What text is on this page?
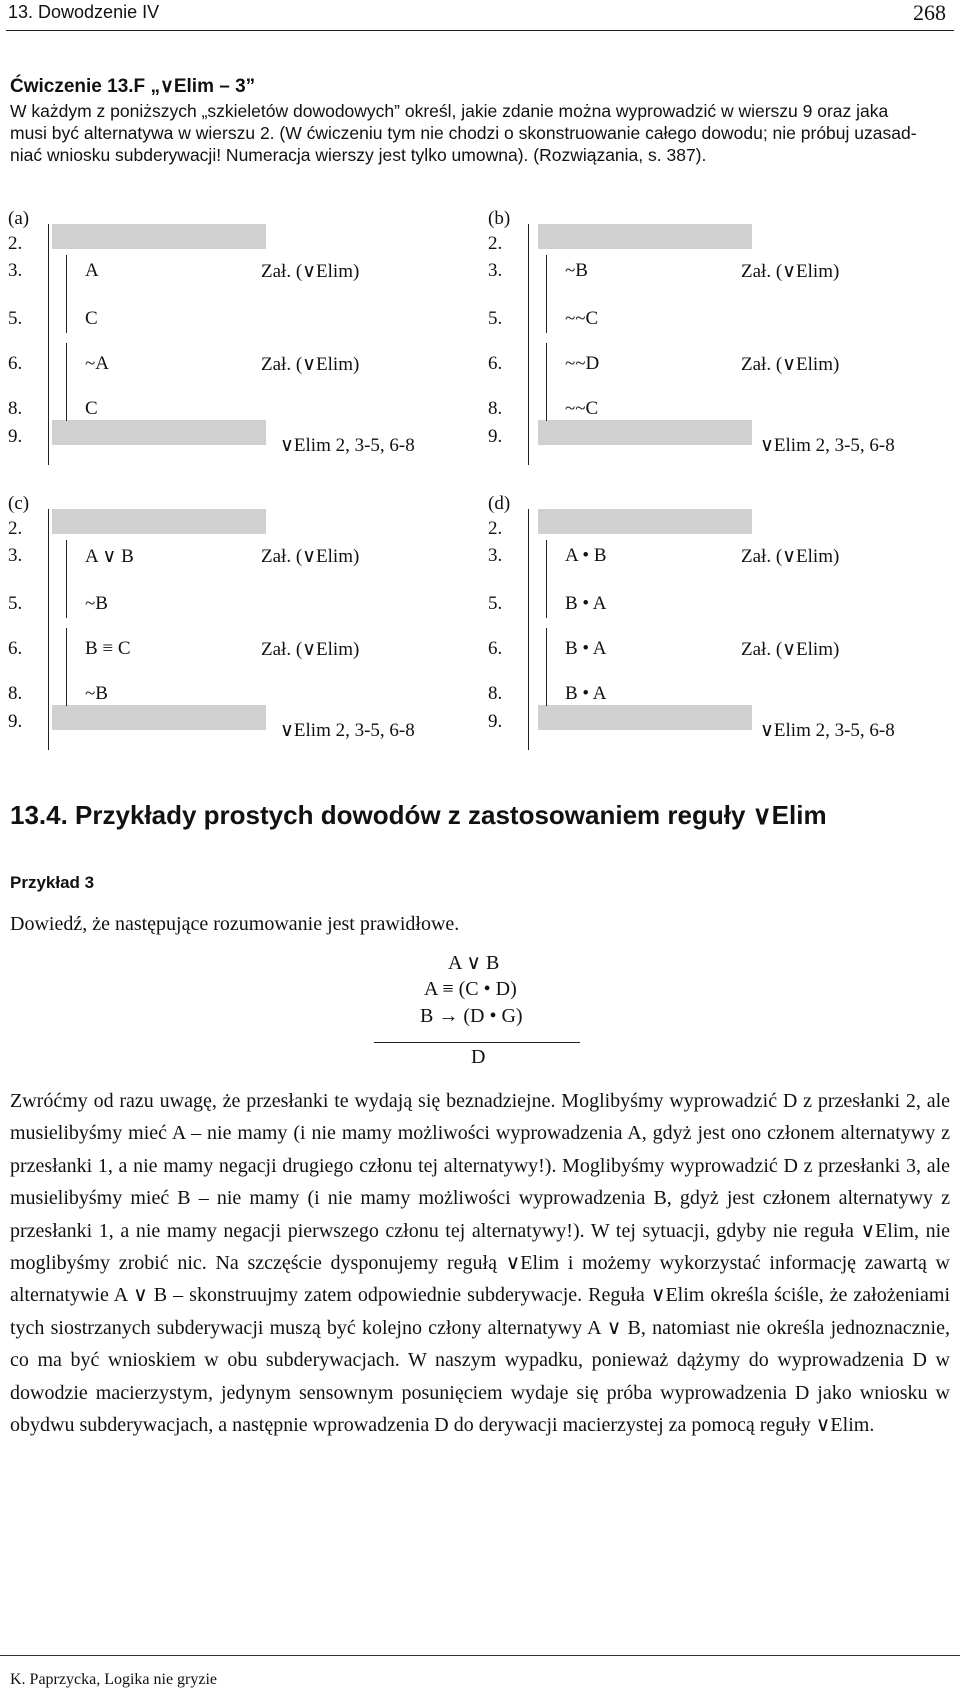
13. Dowodzenie IV	268
Ćwiczenie 13.F „∨Elim – 3”
W każdym z poniższych „szkieletów dowodowych” określ, jakie zdanie można wyprowadzić w wierszu 9 oraz jaka
musi być alternatywa w wierszu 2. (W ćwiczeniu tym nie chodzi o skonstruowanie całego dowodu; nie próbuj uzasad-
niać wniosku subderywacji! Numeracja wierszy jest tylko umowna). (Rozwiązania, s. 387).
(a)
2.
3.
5.
6.
8.
9.
A
C
~A
C
Zał. (∨Elim)
Zał. (∨Elim)
∨Elim 2, 3-5, 6-8
(b)
2.
3.
5.
6.
8.
9.
~B
~~C
~~D
~~C
Zał. (∨Elim)
Zał. (∨Elim)
∨Elim 2, 3-5, 6-8
(c)
2.
3.
5.
6.
8.
9.
A ∨ B
~B
B ≡ C
~B
Zał. (∨Elim)
Zał. (∨Elim)
∨Elim 2, 3-5, 6-8
(d)
2.
3.
5.
6.
8.
9.
A • B
B • A
B • A
B • A
Zał. (∨Elim)
Zał. (∨Elim)
∨Elim 2, 3-5, 6-8
13.4. Przykłady prostych dowodów z zastosowaniem reguły ∨Elim
Przykład 3
Dowiedź, że następujące rozumowanie jest prawidłowe.
A ∨ B
A ≡ (C • D)
B → (D • G)
D

Zwróćmy od razu uwagę, że przesłanki te wydają się beznadziejne. Moglibyśmy wyprowadzić D z przesłanki 2, ale musielibyśmy mieć A – nie mamy (i nie mamy możliwości wyprowadzenia A, gdyż jest ono członem alternatywy z przesłanki 1, a nie mamy negacji drugiego członu tej alternatywy!). Moglibyśmy wyprowadzić D z przesłanki 3, ale musielibyśmy mieć B – nie mamy (i nie mamy możliwości wyprowadzenia B, gdyż jest członem alternatywy z przesłanki 1, a nie mamy negacji pierwszego członu tej alternatywy!). W tej sytuacji, gdyby nie reguła ∨Elim, nie moglibyśmy zrobić nic. Na szczęście dysponujemy regułą ∨Elim i możemy wykorzystać informację zawartą w alternatywie A ∨ B – skonstruujmy zatem odpowiednie subderywacje. Reguła ∨Elim określa ściśle, że założeniami tych siostrzanych subderywacji muszą być kolejno człony alternatywy A ∨ B, natomiast nie określa jednoznacznie, co ma być wnioskiem w obu subderywacjach. W naszym wypadku, ponieważ dążymy do wyprowadzenia D w dowodzie macierzystym, jedynym sensownym posunięciem wydaje się próba wyprowadzenia D jako wniosku w obydwu subderywacjach, a następnie wprowadzenia D do derywacji macierzystej za pomocą reguły ∨Elim.

K. Paprzycka, Logika nie gryzie
